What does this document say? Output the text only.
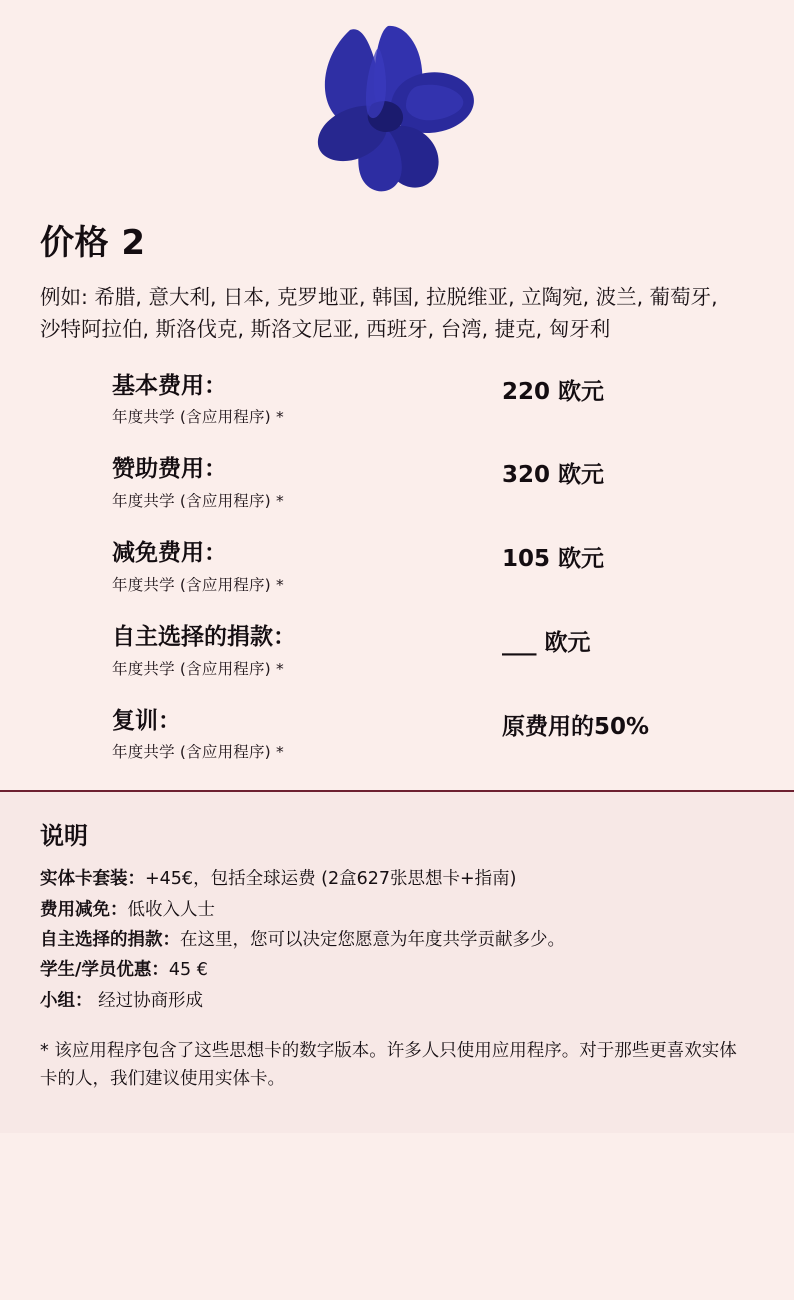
价格 2

例如: 希腊, 意大利, 日本, 克罗地亚, 韩国, 拉脱维亚, 立陶宛, 波兰, 葡萄牙, 沙特阿拉伯, 斯洛伐克, 斯洛文尼亚, 西班牙, 台湾, 捷克, 匈牙利

基本费用：
年度共学 (含应用程序) *
220 欧元
赞助费用：
年度共学 (含应用程序) *
320 欧元
减免费用：
年度共学 (含应用程序) *
105 欧元
自主选择的捐款：
年度共学 (含应用程序) *
___ 欧元
复训：
年度共学 (含应用程序) *
原费用的50%
说明

实体卡套装：+45€，包括全球运费 (2盒627张思想卡+指南)

费用减免：低收入人士

自主选择的捐款：在这里，您可以决定您愿意为年度共学贡献多少。

学生/学员优惠：45 €

小组： 经过协商形成

* 该应用程序包含了这些思想卡的数字版本。许多人只使用应用程序。对于那些更喜欢实体卡的人，我们建议使用实体卡。
